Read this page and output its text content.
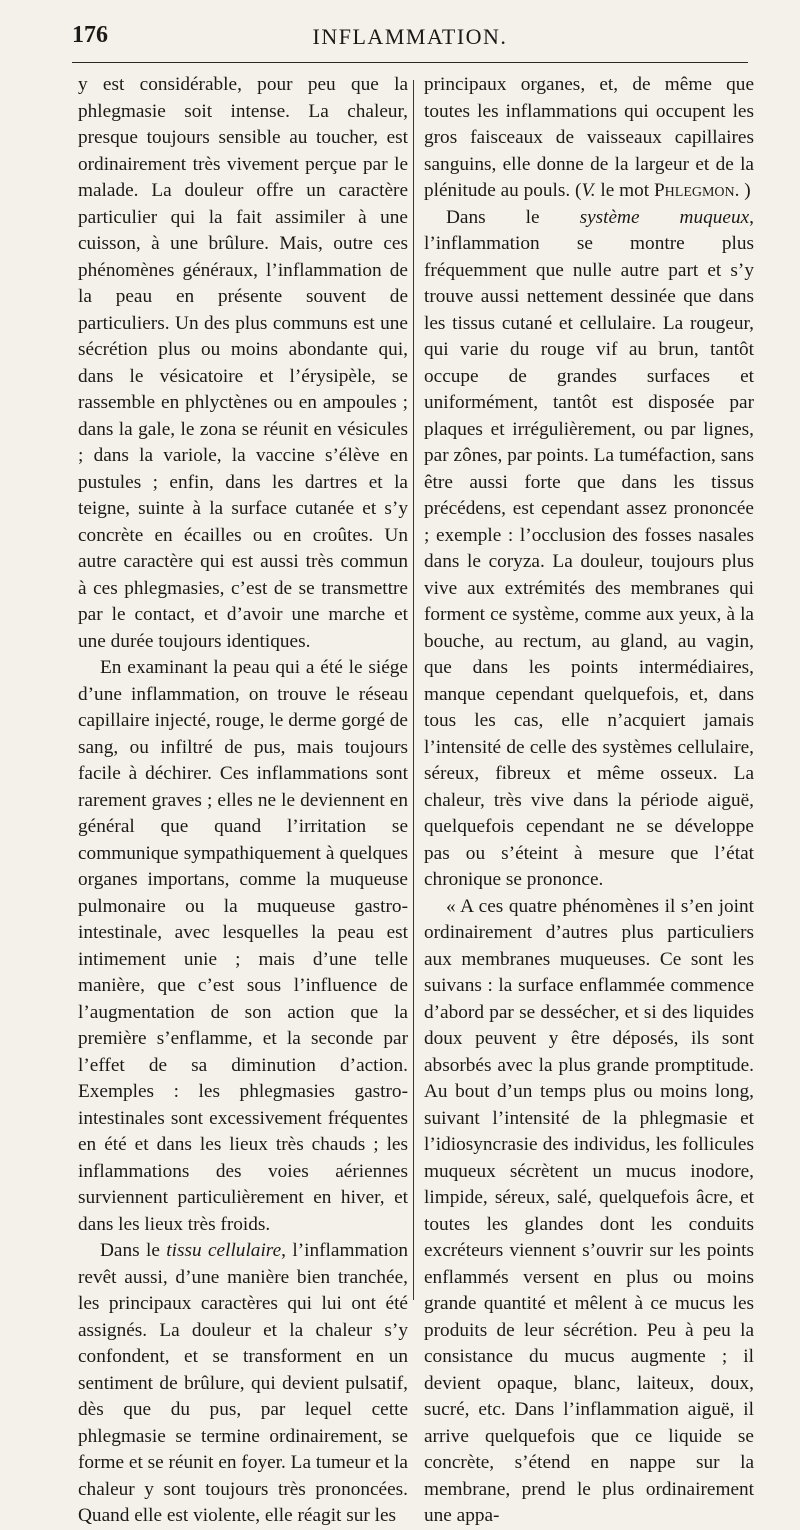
176	INFLAMMATION.

y est considérable, pour peu que la phlegmasie soit intense. La chaleur, presque toujours sensible au toucher, est ordinairement très vivement perçue par le malade. La douleur offre un caractère particulier qui la fait assimiler à une cuisson, à une brûlure. Mais, outre ces phénomènes généraux, l’inflammation de la peau en présente souvent de particuliers. Un des plus communs est une sécrétion plus ou moins abondante qui, dans le vésicatoire et l’érysipèle, se rassemble en phlyctènes ou en ampoules ; dans la gale, le zona se réunit en vésicules ; dans la variole, la vaccine s’élève en pustules ; enfin, dans les dartres et la teigne, suinte à la surface cutanée et s’y concrète en écailles ou en croûtes. Un autre caractère qui est aussi très commun à ces phlegmasies, c’est de se transmettre par le contact, et d’avoir une marche et une durée toujours identiques.

En examinant la peau qui a été le siége d’une inflammation, on trouve le réseau capillaire injecté, rouge, le derme gorgé de sang, ou infiltré de pus, mais toujours facile à déchirer. Ces inflammations sont rarement graves ; elles ne le deviennent en général que quand l’irritation se communique sympathiquement à quelques organes importans, comme la muqueuse pulmonaire ou la muqueuse gastro-intestinale, avec lesquelles la peau est intimement unie ; mais d’une telle manière, que c’est sous l’influence de l’augmentation de son action que la première s’enflamme, et la seconde par l’effet de sa diminution d’action. Exemples : les phlegmasies gastro-intestinales sont excessivement fréquentes en été et dans les lieux très chauds ; les inflammations des voies aériennes surviennent particulièrement en hiver, et dans les lieux très froids.

Dans le tissu cellulaire, l’inflammation revêt aussi, d’une manière bien tranchée, les principaux caractères qui lui ont été assignés. La douleur et la chaleur s’y confondent, et se transforment en un sentiment de brûlure, qui devient pulsatif, dès que du pus, par lequel cette phlegmasie se termine ordinairement, se forme et se réunit en foyer. La tumeur et la chaleur y sont toujours très prononcées. Quand elle est violente, elle réagit sur les

principaux organes, et, de même que toutes les inflammations qui occupent les gros faisceaux de vaisseaux capillaires sanguins, elle donne de la largeur et de la plénitude au pouls. (V. le mot Phlegmon. )

Dans le système muqueux, l’inflammation se montre plus fréquemment que nulle autre part et s’y trouve aussi nettement dessinée que dans les tissus cutané et cellulaire. La rougeur, qui varie du rouge vif au brun, tantôt occupe de grandes surfaces et uniformément, tantôt est disposée par plaques et irrégulièrement, ou par lignes, par zônes, par points. La tuméfaction, sans être aussi forte que dans les tissus précédens, est cependant assez prononcée ; exemple : l’occlusion des fosses nasales dans le coryza. La douleur, toujours plus vive aux extrémités des membranes qui forment ce système, comme aux yeux, à la bouche, au rectum, au gland, au vagin, que dans les points intermédiaires, manque cependant quelquefois, et, dans tous les cas, elle n’acquiert jamais l’intensité de celle des systèmes cellulaire, séreux, fibreux et même osseux. La chaleur, très vive dans la période aiguë, quelquefois cependant ne se développe pas ou s’éteint à mesure que l’état chronique se prononce.

« A ces quatre phénomènes il s’en joint ordinairement d’autres plus particuliers aux membranes muqueuses. Ce sont les suivans : la surface enflammée commence d’abord par se dessécher, et si des liquides doux peuvent y être déposés, ils sont absorbés avec la plus grande promptitude. Au bout d’un temps plus ou moins long, suivant l’intensité de la phlegmasie et l’idiosyncrasie des individus, les follicules muqueux sécrètent un mucus inodore, limpide, séreux, salé, quelquefois âcre, et toutes les glandes dont les conduits excréteurs viennent s’ouvrir sur les points enflammés versent en plus ou moins grande quantité et mêlent à ce mucus les produits de leur sécrétion. Peu à peu la consistance du mucus augmente ; il devient opaque, blanc, laiteux, doux, sucré, etc. Dans l’inflammation aiguë, il arrive quelquefois que ce liquide se concrète, s’étend en nappe sur la membrane, prend le plus ordinairement une appa-
